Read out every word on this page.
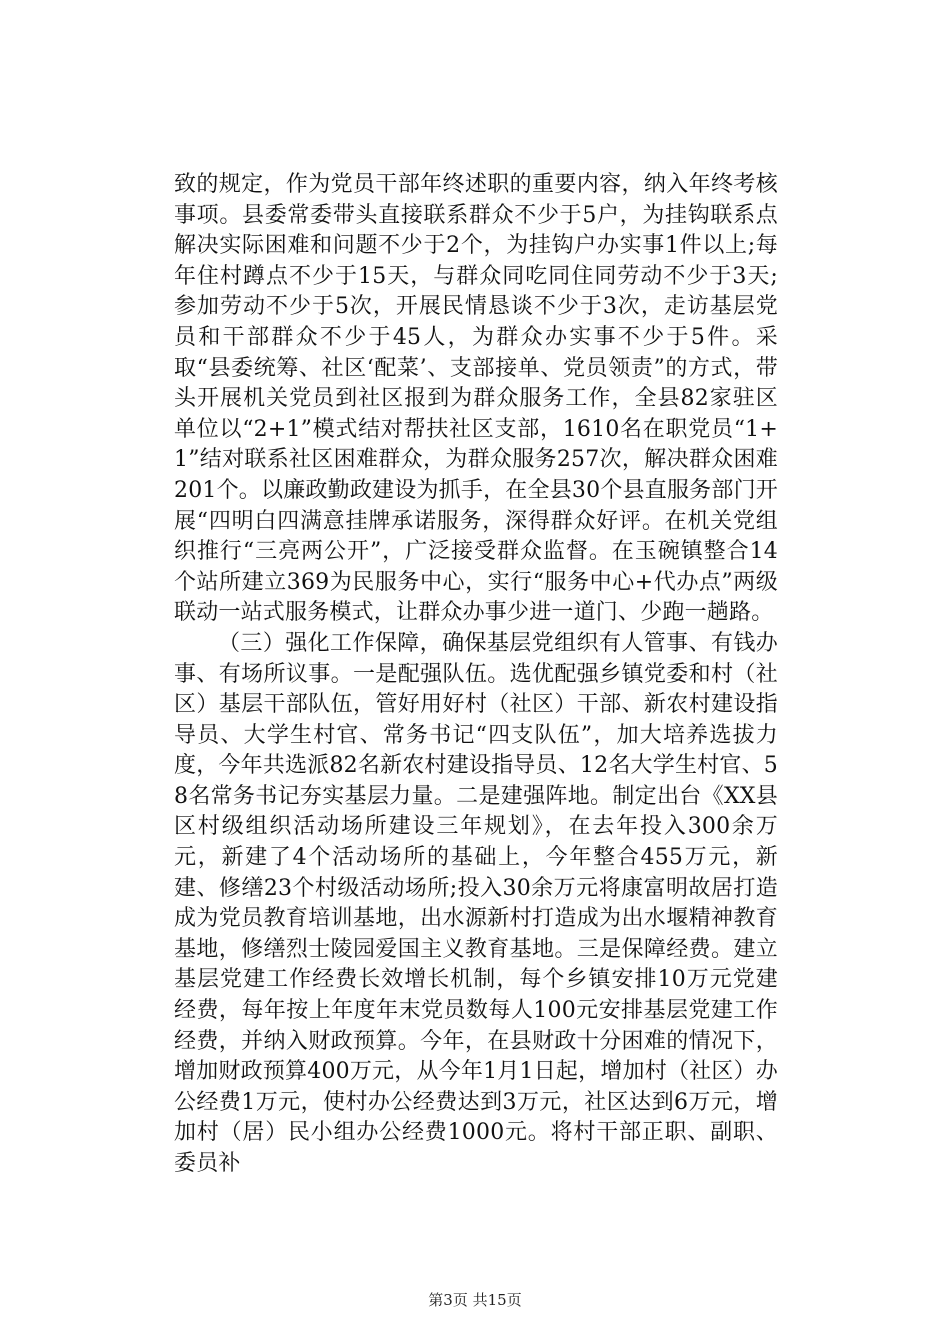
致的规定，作为党员干部年终述职的重要内容，纳入年终考核事项。县委常委带头直接联系群众不少于5户，为挂钩联系点解决实际困难和问题不少于2个，为挂钩户办实事1件以上;每年住村蹲点不少于15天，与群众同吃同住同劳动不少于3天;参加劳动不少于5次，开展民情恳谈不少于3次，走访基层党员和干部群众不少于45人，为群众办实事不少于5件。采取“县委统筹、社区‘配菜’、支部接单、党员领责”的方式，带头开展机关党员到社区报到为群众服务工作，全县82家驻区单位以“2+1”模式结对帮扶社区支部，1610名在职党员“1+1”结对联系社区困难群众，为群众服务257次，解决群众困难201个。以廉政勤政建设为抓手，在全县30个县直服务部门开展“四明白四满意挂牌承诺服务，深得群众好评。在机关党组织推行“三亮两公开”，广泛接受群众监督。在玉碗镇整合14个站所建立369为民服务中心，实行“服务中心+代办点”两级联动一站式服务模式，让群众办事少进一道门、少跑一趟路。

（三）强化工作保障，确保基层党组织有人管事、有钱办事、有场所议事。一是配强队伍。选优配强乡镇党委和村（社区）基层干部队伍，管好用好村（社区）干部、新农村建设指导员、大学生村官、常务书记“四支队伍”，加大培养选拔力度，今年共选派82名新农村建设指导员、12名大学生村官、58名常务书记夯实基层力量。二是建强阵地。制定出台《XX县区村级组织活动场所建设三年规划》，在去年投入300余万元，新建了4个活动场所的基础上，今年整合455万元，新建、修缮23个村级活动场所;投入30余万元将康富明故居打造成为党员教育培训基地，出水源新村打造成为出水堰精神教育基地，修缮烈士陵园爱国主义教育基地。三是保障经费。建立基层党建工作经费长效增长机制，每个乡镇安排10万元党建经费，每年按上年度年末党员数每人100元安排基层党建工作经费，并纳入财政预算。今年，在县财政十分困难的情况下，增加财政预算400万元，从今年1月1日起，增加村（社区）办公经费1万元，使村办公经费达到3万元，社区达到6万元，增加村（居）民小组办公经费1000元。将村干部正职、副职、委员补

第3页 共15页
